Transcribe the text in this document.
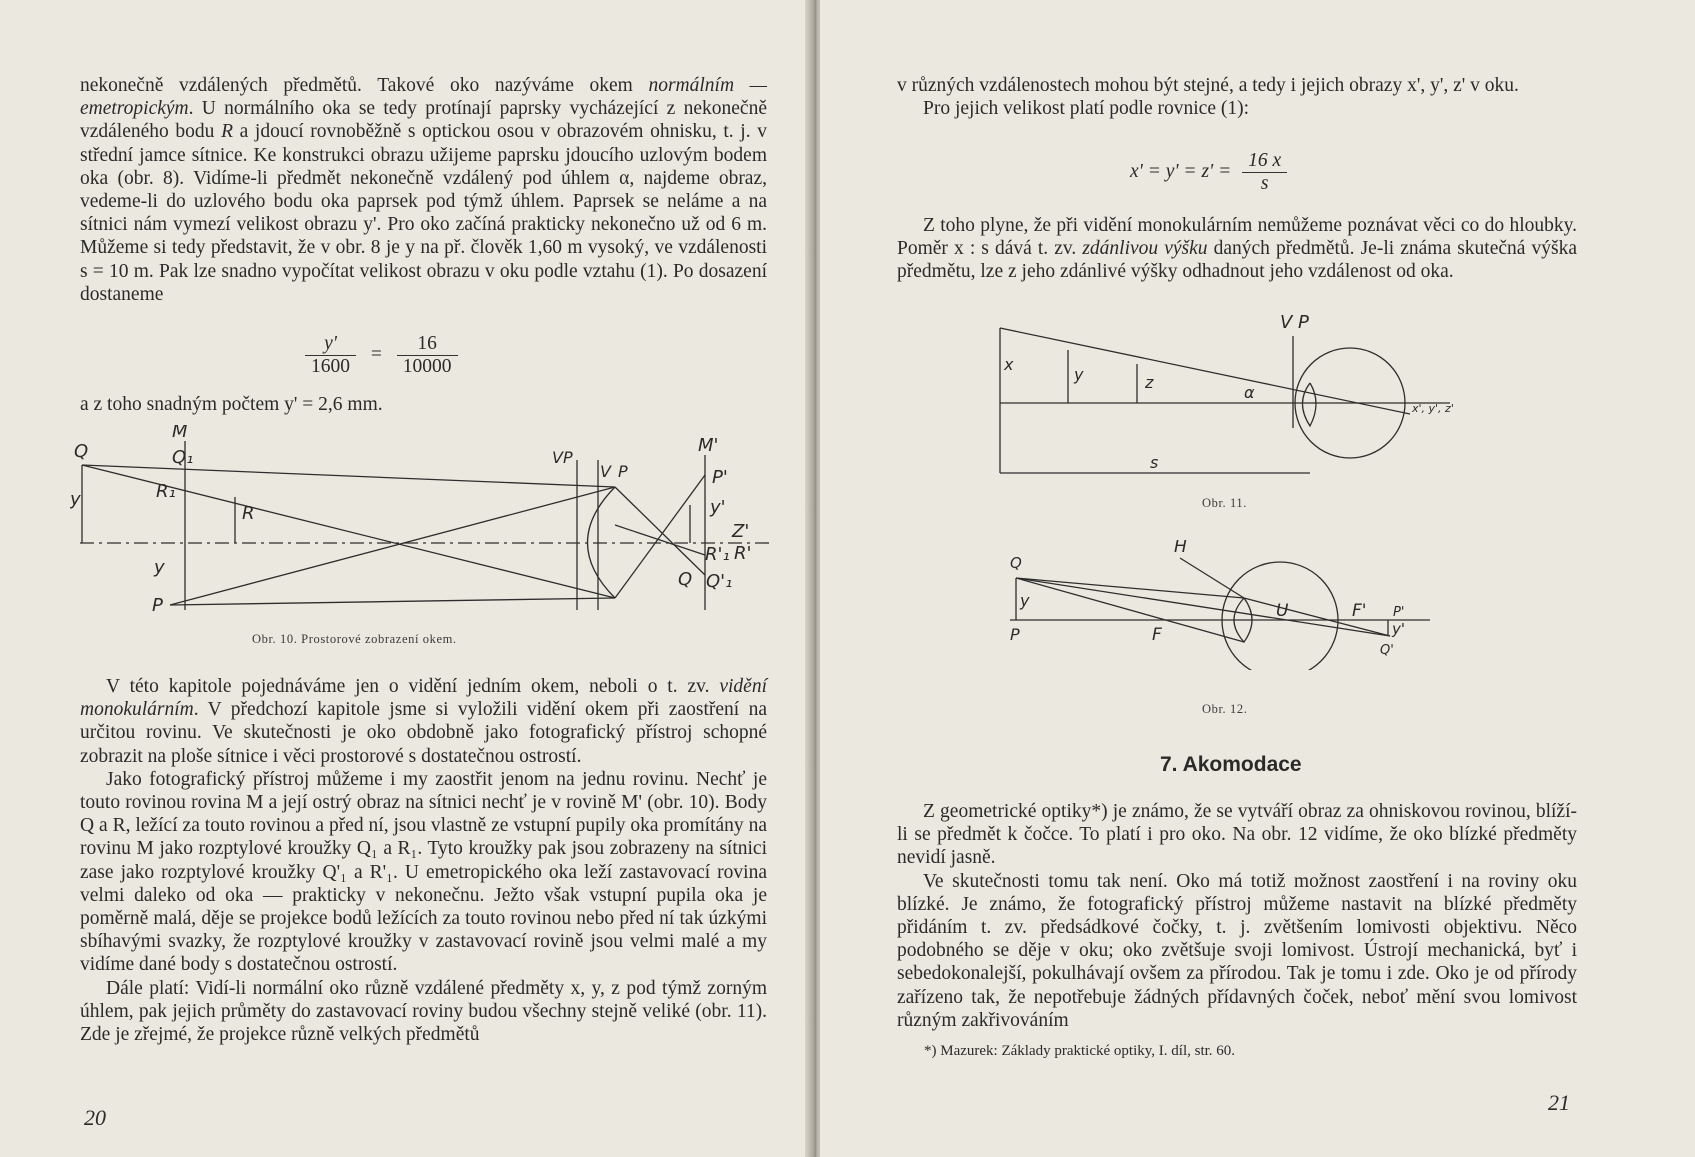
nekonečně vzdálených předmětů. Takové oko nazýváme okem normálním — emetropickým. U normálního oka se tedy protínají paprsky vycházející z nekonečně vzdáleného bodu R a jdoucí rovnoběžně s optickou osou v obrazovém ohnisku, t. j. v střední jamce sítnice. Ke konstrukci obrazu užijeme paprsku jdoucího uzlovým bodem oka (obr. 8). Vidíme-li předmět nekonečně vzdálený pod úhlem α, najdeme obraz, vedeme-li do uzlového bodu oka paprsek pod týmž úhlem. Paprsek se neláme a na sítnici nám vymezí velikost obrazu y'. Pro oko začíná prakticky nekonečno už od 6 m. Můžeme si tedy představit, že v obr. 8 je y na př. člověk 1,60 m vysoký, ve vzdálenosti s = 10 m. Pak lze snadno vypočítat velikost obrazu v oku podle vztahu (1). Po dosazení dostaneme

$\frac{y'}{1600} = \frac{16}{10000}$

a z toho snadným počtem y' = 2,6 mm.

M
Q	Q₁
y	R₁
R
y
P
VP
V P
M'
P'
y'
Z'
R'₁ R'
Q Q'₁
Obr. 10. Prostorové zobrazení okem.

V této kapitole pojednáváme jen o vidění jedním okem, neboli o t. zv. vidění monokulárním. V předchozí kapitole jsme si vyložili vidění okem při zaostření na určitou rovinu. Ve skutečnosti je oko obdobně jako fotografický přístroj schopné zobrazit na ploše sítnice i věci prostorové s dostatečnou ostrostí.

Jako fotografický přístroj můžeme i my zaostřit jenom na jednu rovinu. Nechť je touto rovinou rovina M a její ostrý obraz na sítnici nechť je v rovině M' (obr. 10). Body Q a R, ležící za touto rovinou a před ní, jsou vlastně ze vstupní pupily oka promítány na rovinu M jako rozptylové kroužky Q₁ a R₁. Tyto kroužky pak jsou zobrazeny na sítnici zase jako rozptylové kroužky Q'₁ a R'₁. U emetropického oka leží zastavovací rovina velmi daleko od oka — prakticky v nekonečnu. Ježto však vstupní pupila oka je poměrně malá, děje se projekce bodů ležících za touto rovinou nebo před ní tak úzkými sbíhavými svazky, že rozptylové kroužky v zastavovací rovině jsou velmi malé a my vidíme dané body s dostatečnou ostrostí.

Dále platí: Vidí-li normální oko různě vzdálené předměty x, y, z pod týmž zorným úhlem, pak jejich průměty do zastavovací roviny budou všechny stejně veliké (obr. 11). Zde je zřejmé, že projekce různě velkých předmětů

20

v různých vzdálenostech mohou být stejné, a tedy i jejich obrazy x', y', z' v oku.

Pro jejich velikost platí podle rovnice (1):

$x' = y' = z' = \frac{16 x}{s}$

Z toho plyne, že při vidění monokulárním nemůžeme poznávat věci co do hloubky. Poměr x : s dává t. zv. zdánlivou výšku daných předmětů. Je-li známa skutečná výška předmětu, lze z jeho zdánlivé výšky odhadnout jeho vzdálenost od oka.

V P
x
y	z
α
x', y', z'
s
Obr. 11.
H
Q
y
P	F
U	F' P'
y'
Q'
Obr. 12.
7. Akomodace

Z geometrické optiky*) je známo, že se vytváří obraz za ohniskovou rovinou, blíží-li se předmět k čočce. To platí i pro oko. Na obr. 12 vidíme, že oko blízké předměty nevidí jasně.

Ve skutečnosti tomu tak není. Oko má totiž možnost zaostření i na roviny oku blízké. Je známo, že fotografický přístroj můžeme nastavit na blízké předměty přidáním t. zv. předsádkové čočky, t. j. zvětšením lomivosti objektivu. Něco podobného se děje v oku; oko zvětšuje svoji lomivost. Ústrojí mechanická, byť i sebedokonalejší, pokulhávají ovšem za přírodou. Tak je tomu i zde. Oko je od přírody zařízeno tak, že nepotřebuje žádných přídavných čoček, neboť mění svou lomivost různým zakřivováním

*) Mazurek: Základy praktické optiky, I. díl, str. 60.
21
